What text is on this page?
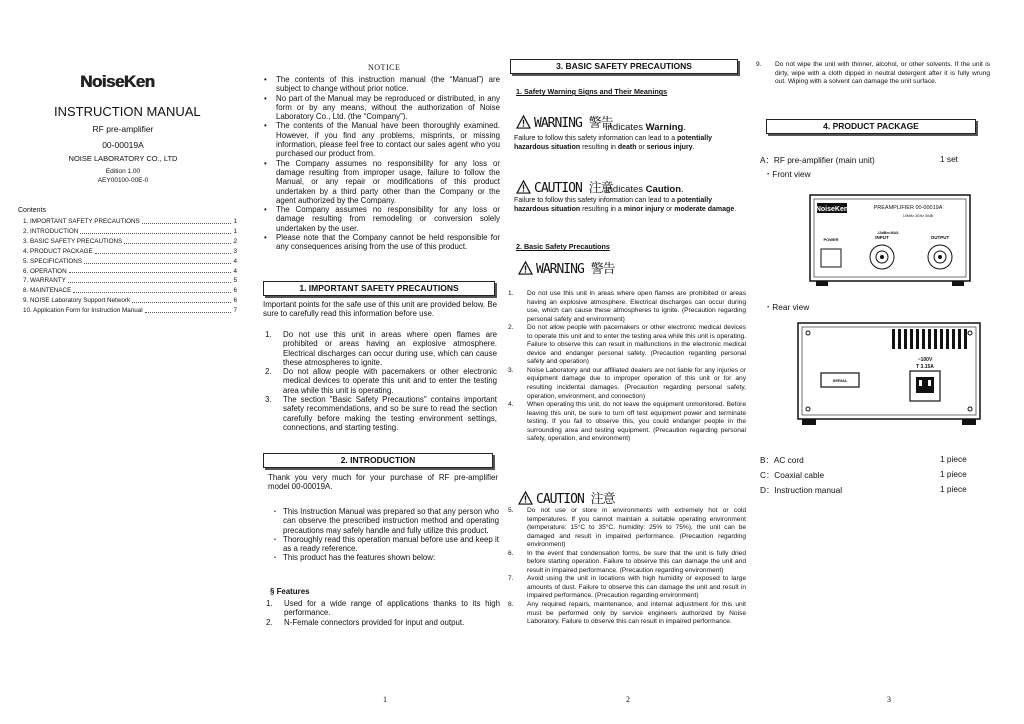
NoiseKen
INSTRUCTION MANUAL
RF pre-amplifier
00-00019A
NOISE LABORATORY CO., LTD
Edition 1.00
AEY00100-00E-0
Contents
1. IMPORTANT SAFETY PRECAUTIONS	1
2. INTRODUCTION	1
3. BASIC SAFETY PRECAUTIONS	2
4. PRODUCT PACKAGE	3
5. SPECIFICATIONS	4
6. OPERATION	4
7. WARRANTY	5
8. MAINTENACE	6
9. NOISE Laboratory Support Network	6
10. Application Form for Instruction Manual	7
1
NOTICE
• The contents of this instruction manual (the “Manual”) are subject to change without prior notice.
• No part of the Manual may be reproduced or distributed, in any form or by any means, without the authorization of Noise Laboratory Co., Ltd. (the “Company”).
• The contents of the Manual have been thoroughly examined. However, if you find any problems, misprints, or missing information, please feel free to contact our sales agent who you purchased our product from.
• The Company assumes no responsibility for any loss or damage resulting from improper usage, failure to follow the Manual, or any repair or modifications of this product undertaken by a third party other than the Company or the agent authorized by the Company.
• The Company assumes no responsibility for any loss or damage resulting from remodeling or conversion solely undertaken by the user.
• Please note that the Company cannot be held responsible for any consequences arising from the use of this product.
1. IMPORTANT SAFETY PRECAUTIONS
Important points for the safe use of this unit are provided below. Be sure to carefully read this information before use.
1. Do not use this unit in areas where open flames are prohibited or areas having an explosive atmosphere. Electrical discharges can occur during use, which can cause these atmospheres to ignite.
2. Do not allow people with pacemakers or other electronic medical devices to operate this unit and to enter the testing area while this unit is operating.
3. The section "Basic Safety Precautions" contains important safety recommendations, and so be sure to read the section carefully before making the testing environment settings, connections, and starting testing.
2. INTRODUCTION
Thank you very much for your purchase of RF pre-amplifier model 00-00019A.
・ This Instruction Manual was prepared so that any person who can observe the prescribed instruction method and operating precautions may safely handle and fully utilize this product.
・ Thoroughly read this operation manual before use and keep it as a ready reference.
・ This product has the features shown below:
§ Features
1. Used for a wide range of applications thanks to its high performance.
2. N-Female connectors provided for input and output.
3. BASIC SAFETY PRECAUTIONS
1. Safety Warning Signs and Their Meanings
WARNING 警告
Indicates Warning.
Failure to follow this safety information can lead to a potentially hazardous situation resulting in death or serious injury.
CAUTION 注意
Indicates Caution.
Failure to follow this safety information can lead to a potentially hazardous situation resulting in a minor injury or moderate damage.
2. Basic Safety Precautions
WARNING 警告
1. Do not use this unit in areas where open flames are prohibited or areas having an explosive atmosphere. Electrical discharges can occur during use, which can cause these atmospheres to ignite. (Precaution regarding personal safety and environment)
2. Do not allow people with pacemakers or other electronic medical devices to operate this unit and to enter the testing area while this unit is operating. Failure to observe this can result in malfunctions in the electronic medical device and endanger personal safety. (Precaution regarding personal safety and operation)
3. Noise Laboratory and our affiliated dealers are not liable for any injuries or equipment damage due to improper operation of this unit or for any resulting incidental damages. (Precaution regarding personal safety, operation, environment, and connection)
4. When operating this unit, do not leave the equipment unmonitored. Before leaving this unit, be sure to turn off test equipment power and terminate testing. If you fail to observe this, you could endanger people in the surrounding area and testing equipment. (Precaution regarding personal safety, operation, and environment)
CAUTION 注意
5. Do not use or store in environments with extremely hot or cold temperatures. If you cannot maintain a suitable operating environment (temperature: 15°C to 35°C, humidity: 25% to 75%), the unit can be damaged and result in impaired performance. (Precaution regarding environment)
6. In the event that condensation forms, be sure that the unit is fully dried before starting operation. Failure to observe this can damage the unit and result in impaired performance. (Precaution regarding environment)
7. Avoid using the unit in locations with high humidity or exposed to large amounts of dust. Failure to observe this can damage the unit and result in impaired performance. (Precaution regarding environment)
8. Any required repairs, maintenance, and internal adjustment for this unit must be performed only by service engineers authorized by Noise Laboratory. Failure to observe this can result in impaired performance.
2
9. Do not wipe the unit with thinner, alcohol, or other solvents. If the unit is dirty, wipe with a cloth dipped in neutral detergent after it is fully wrung out. Wiping with a solvent can damage the unit surface.
4. PRODUCT PACKAGE
A：RF pre-amplifier (main unit)	1 set
・Front view
NoiseKen	PREAMPLIFIER 00-00019A
10MHz 3GHz 40dB
POWER
-10dBm MAX.
INPUT	OUTPUT
・Rear view
SERIAL
~100V
T 3.15A
B：AC cord	1 piece
C：Coaxial cable	1 piece
D：Instruction manual	1 piece
3
